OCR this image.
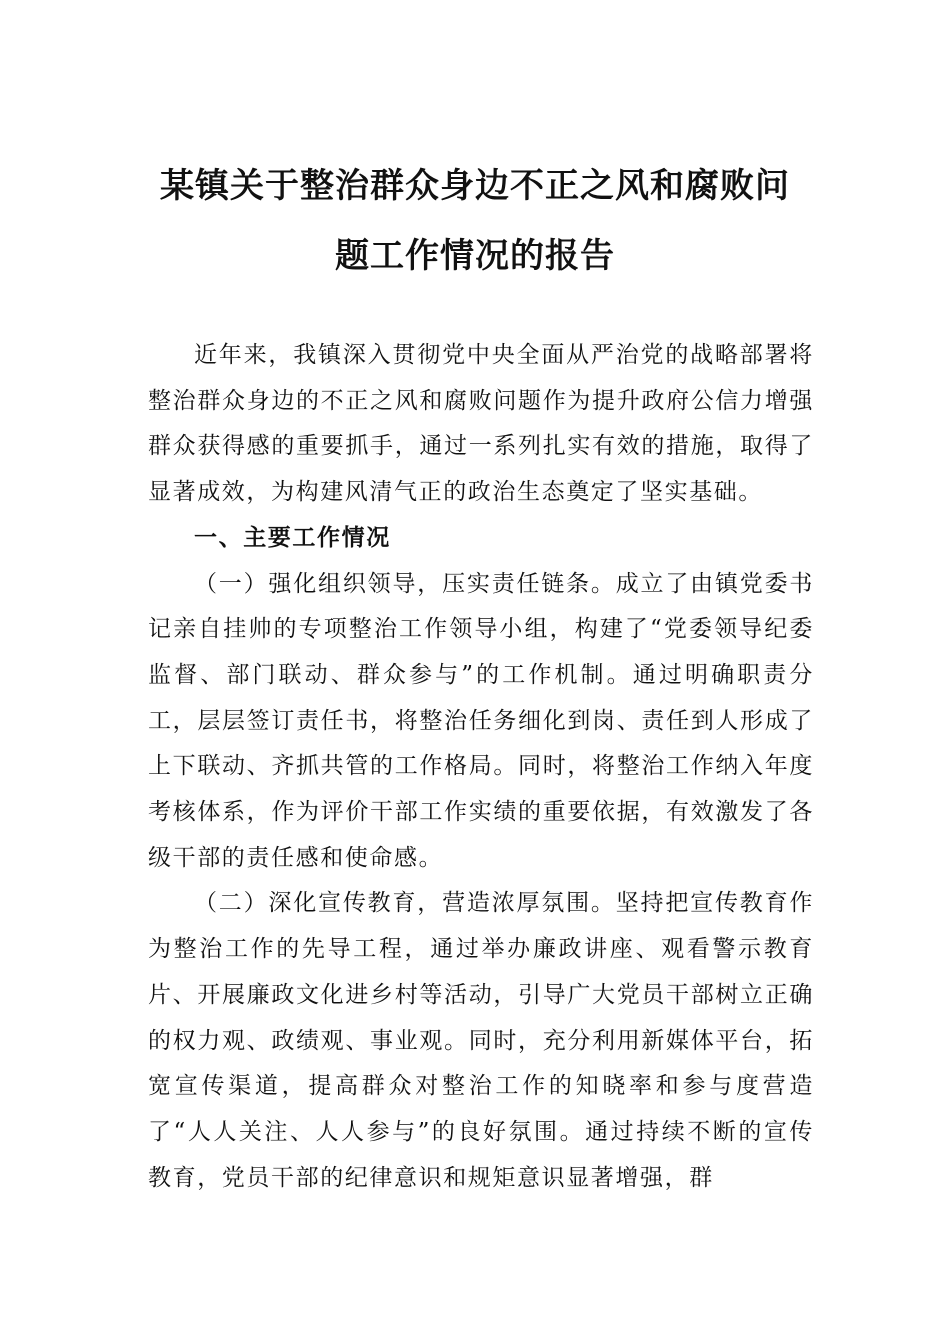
某镇关于整治群众身边不正之风和腐败问
题工作情况的报告

近年来，我镇深入贯彻党中央全面从严治党的战略部署将整治群众身边的不正之风和腐败问题作为提升政府公信力增强群众获得感的重要抓手，通过一系列扎实有效的措施，取得了显著成效，为构建风清气正的政治生态奠定了坚实基础。

一、主要工作情况

（一）强化组织领导，压实责任链条。成立了由镇党委书记亲自挂帅的专项整治工作领导小组，构建了“党委领导纪委监督、部门联动、群众参与”的工作机制。通过明确职责分工，层层签订责任书，将整治任务细化到岗、责任到人形成了上下联动、齐抓共管的工作格局。同时，将整治工作纳入年度考核体系，作为评价干部工作实绩的重要依据，有效激发了各级干部的责任感和使命感。

（二）深化宣传教育，营造浓厚氛围。坚持把宣传教育作为整治工作的先导工程，通过举办廉政讲座、观看警示教育片、开展廉政文化进乡村等活动，引导广大党员干部树立正确的权力观、政绩观、事业观。同时，充分利用新媒体平台，拓宽宣传渠道，提高群众对整治工作的知晓率和参与度营造了“人人关注、人人参与”的良好氛围。通过持续不断的宣传教育，党员干部的纪律意识和规矩意识显著增强，群
